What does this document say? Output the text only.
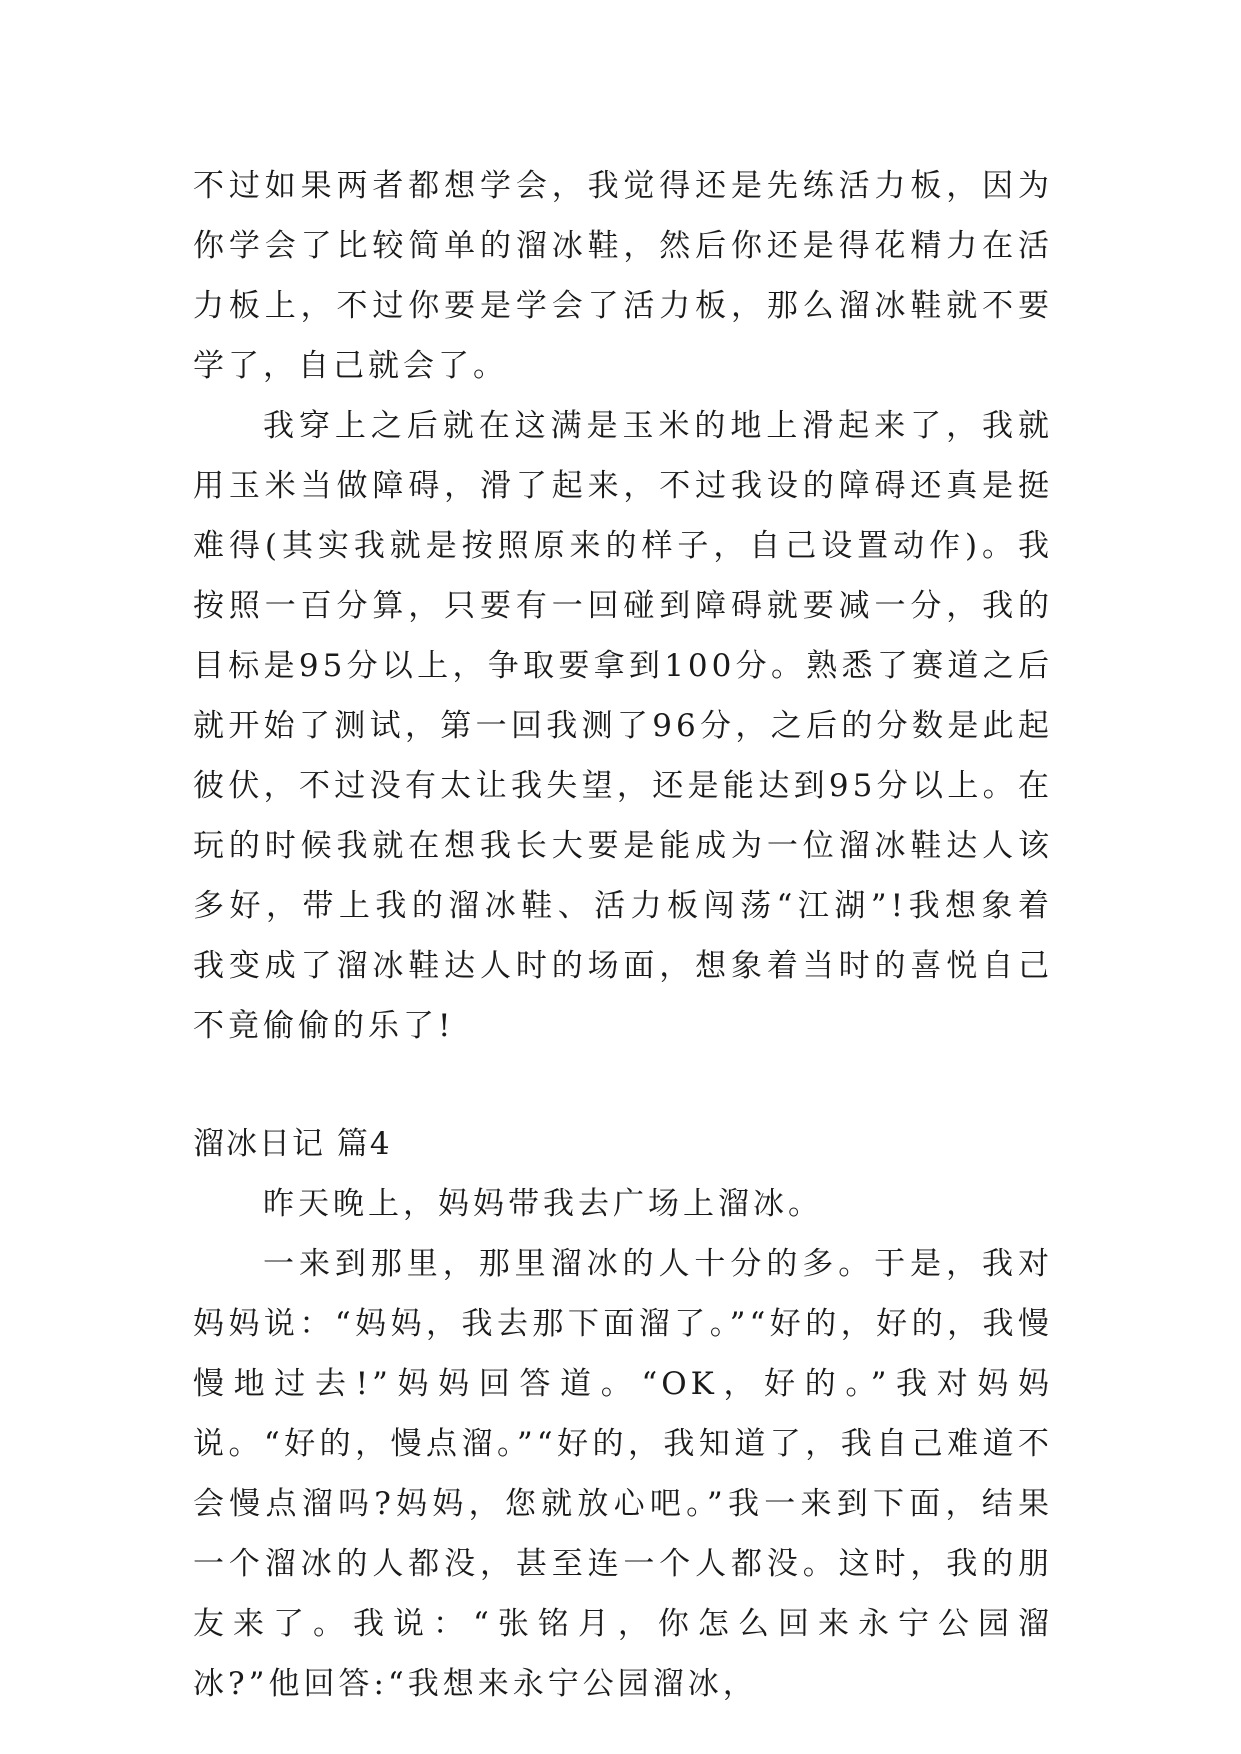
不过如果两者都想学会，我觉得还是先练活力板，因为你学会了比较简单的溜冰鞋，然后你还是得花精力在活力板上，不过你要是学会了活力板，那么溜冰鞋就不要学了，自己就会了。

我穿上之后就在这满是玉米的地上滑起来了，我就用玉米当做障碍，滑了起来，不过我设的障碍还真是挺难得(其实我就是按照原来的样子，自己设置动作)。我按照一百分算，只要有一回碰到障碍就要减一分，我的目标是95分以上，争取要拿到100分。熟悉了赛道之后就开始了测试，第一回我测了96分，之后的分数是此起彼伏，不过没有太让我失望，还是能达到95分以上。在玩的时候我就在想我长大要是能成为一位溜冰鞋达人该多好，带上我的溜冰鞋、活力板闯荡“江湖”!我想象着我变成了溜冰鞋达人时的场面，想象着当时的喜悦自己不竟偷偷的乐了!

溜冰日记 篇4

昨天晚上，妈妈带我去广场上溜冰。

一来到那里，那里溜冰的人十分的多。于是，我对妈妈说：“妈妈，我去那下面溜了。”“好的，好的，我慢慢地过去!”妈妈回答道。“OK，好的。”我对妈妈说。“好的，慢点溜。”“好的，我知道了，我自己难道不会慢点溜吗?妈妈，您就放心吧。”我一来到下面，结果一个溜冰的人都没，甚至连一个人都没。这时，我的朋友来了。我说：“张铭月，你怎么回来永宁公园溜冰?”他回答:“我想来永宁公园溜冰，
